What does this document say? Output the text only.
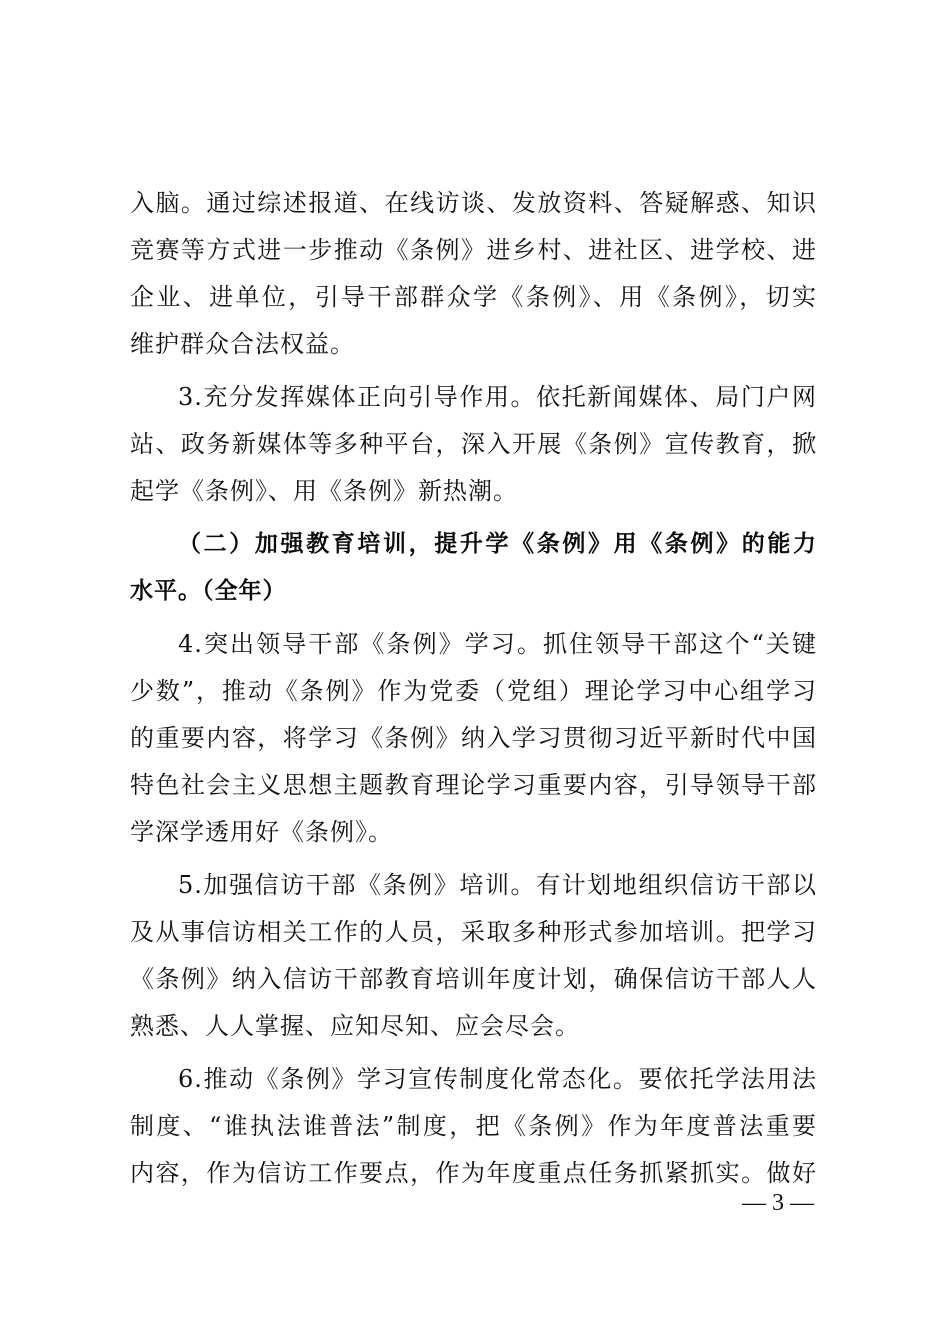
入脑。通过综述报道、在线访谈、发放资料、答疑解惑、知识
竞赛等方式进一步推动《条例》进乡村、进社区、进学校、进
企业、进单位，引导干部群众学《条例》、用《条例》，切实
维护群众合法权益。
3.充分发挥媒体正向引导作用。依托新闻媒体、局门户网
站、政务新媒体等多种平台，深入开展《条例》宣传教育，掀
起学《条例》、用《条例》新热潮。
（二）加强教育培训，提升学《条例》用《条例》的能力
水平。（全年）
4.突出领导干部《条例》学习。抓住领导干部这个“关键
少数”，推动《条例》作为党委（党组）理论学习中心组学习
的重要内容，将学习《条例》纳入学习贯彻习近平新时代中国
特色社会主义思想主题教育理论学习重要内容，引导领导干部
学深学透用好《条例》。
5.加强信访干部《条例》培训。有计划地组织信访干部以
及从事信访相关工作的人员，采取多种形式参加培训。把学习
《条例》纳入信访干部教育培训年度计划，确保信访干部人人
熟悉、人人掌握、应知尽知、应会尽会。
6.推动《条例》学习宣传制度化常态化。要依托学法用法
制度、“谁执法谁普法”制度，把《条例》作为年度普法重要
内容，作为信访工作要点，作为年度重点任务抓紧抓实。做好
— 3 —
